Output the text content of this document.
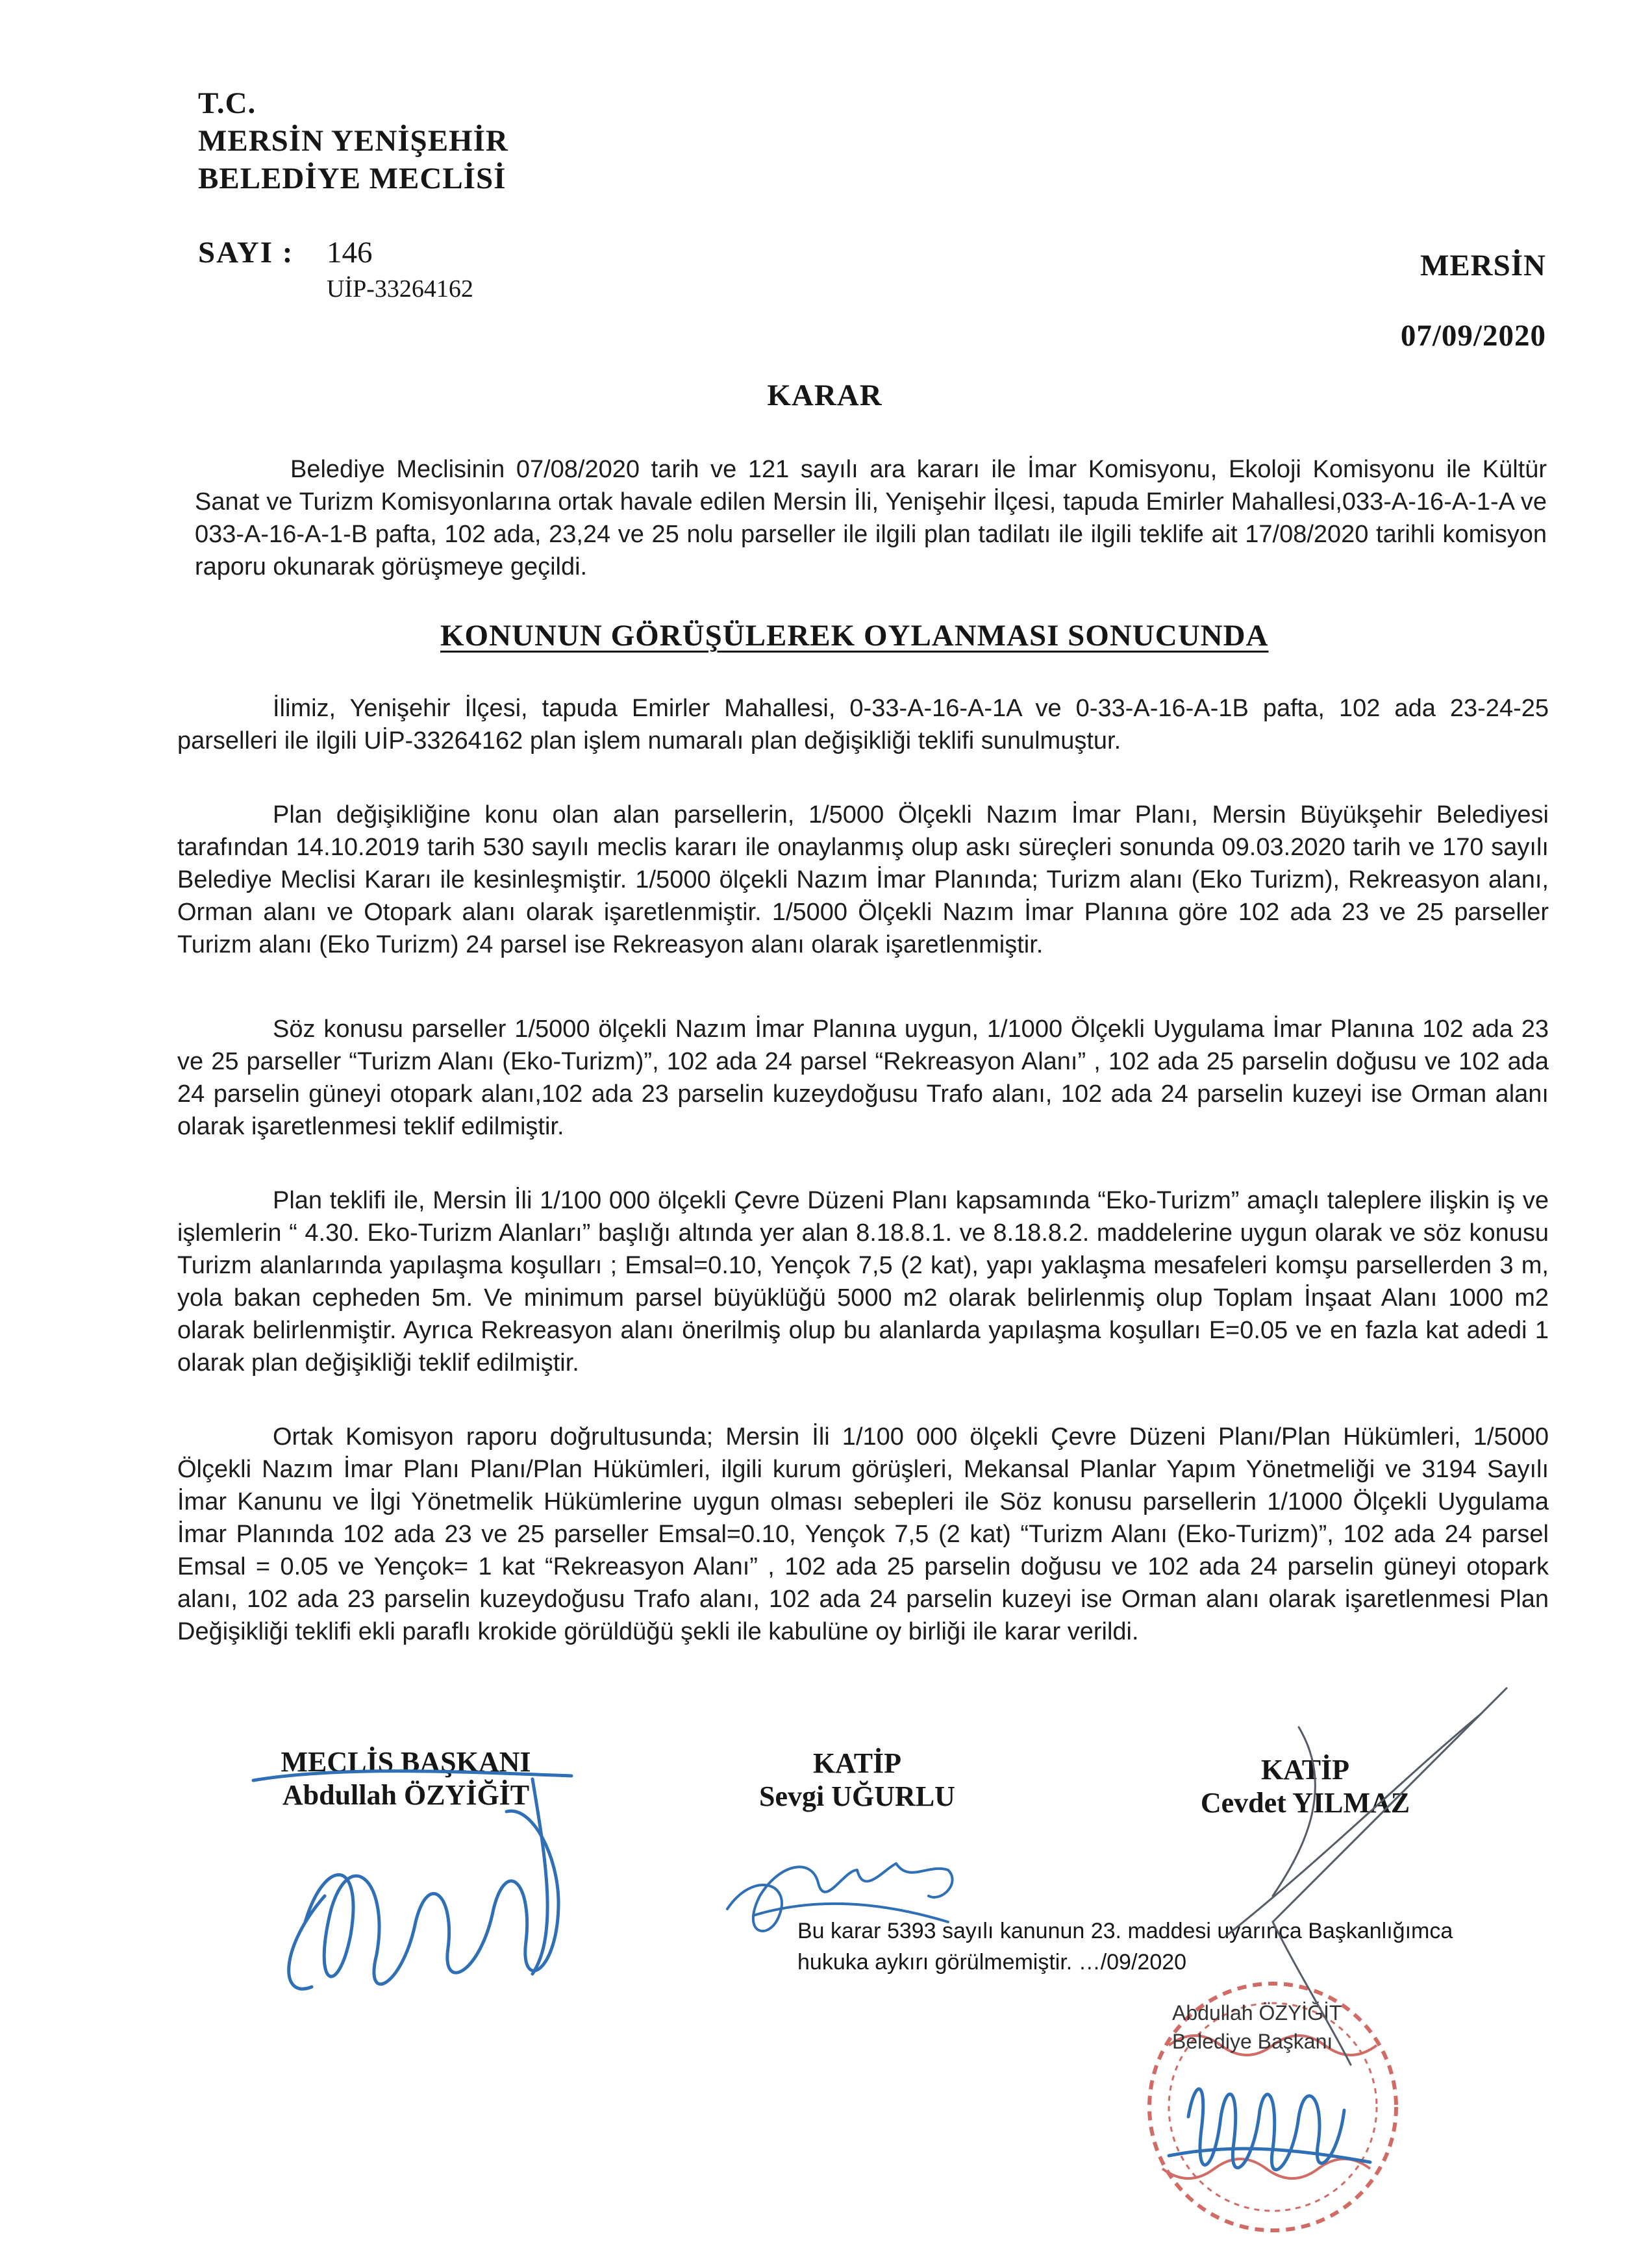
T.C.
MERSİN YENİŞEHİR
BELEDİYE MECLİSİ
SAYI : 146
UİP-33264162
MERSİN
07/09/2020
KARAR
Belediye Meclisinin 07/08/2020 tarih ve 121 sayılı ara kararı ile İmar Komisyonu, Ekoloji Komisyonu ile Kültür Sanat ve Turizm Komisyonlarına ortak havale edilen Mersin İli, Yenişehir İlçesi, tapuda Emirler Mahallesi,033-A-16-A-1-A ve 033-A-16-A-1-B pafta, 102 ada, 23,24 ve 25 nolu parseller ile ilgili plan tadilatı ile ilgili teklife ait 17/08/2020 tarihli komisyon raporu okunarak görüşmeye geçildi.
KONUNUN GÖRÜŞÜLEREK OYLANMASI SONUCUNDA
İlimiz, Yenişehir İlçesi, tapuda Emirler Mahallesi, 0-33-A-16-A-1A ve 0-33-A-16-A-1B pafta, 102 ada 23-24-25 parselleri ile ilgili UİP-33264162 plan işlem numaralı plan değişikliği teklifi sunulmuştur.
Plan değişikliğine konu olan alan parsellerin, 1/5000 Ölçekli Nazım İmar Planı, Mersin Büyükşehir Belediyesi tarafından 14.10.2019 tarih 530 sayılı meclis kararı ile onaylanmış olup askı süreçleri sonunda 09.03.2020 tarih ve 170 sayılı Belediye Meclisi Kararı ile kesinleşmiştir. 1/5000 ölçekli Nazım İmar Planında; Turizm alanı (Eko Turizm), Rekreasyon alanı, Orman alanı ve Otopark alanı olarak işaretlenmiştir. 1/5000 Ölçekli Nazım İmar Planına göre 102 ada 23 ve 25 parseller Turizm alanı (Eko Turizm) 24 parsel ise Rekreasyon alanı olarak işaretlenmiştir.
Söz konusu parseller 1/5000 ölçekli Nazım İmar Planına uygun, 1/1000 Ölçekli Uygulama İmar Planına 102 ada 23 ve 25 parseller “Turizm Alanı (Eko-Turizm)”, 102 ada 24 parsel “Rekreasyon Alanı” , 102 ada 25 parselin doğusu ve 102 ada 24 parselin güneyi otopark alanı,102 ada 23 parselin kuzeydoğusu Trafo alanı, 102 ada 24 parselin kuzeyi ise Orman alanı olarak işaretlenmesi teklif edilmiştir.
Plan teklifi ile, Mersin İli 1/100 000 ölçekli Çevre Düzeni Planı kapsamında “Eko-Turizm” amaçlı taleplere ilişkin iş ve işlemlerin “ 4.30. Eko-Turizm Alanları” başlığı altında yer alan 8.18.8.1. ve 8.18.8.2. maddelerine uygun olarak ve söz konusu Turizm alanlarında yapılaşma koşulları ; Emsal=0.10, Yençok 7,5 (2 kat), yapı yaklaşma mesafeleri komşu parsellerden 3 m, yola bakan cepheden 5m. Ve minimum parsel büyüklüğü 5000 m2 olarak belirlenmiş olup Toplam İnşaat Alanı 1000 m2 olarak belirlenmiştir. Ayrıca Rekreasyon alanı önerilmiş olup bu alanlarda yapılaşma koşulları E=0.05 ve en fazla kat adedi 1 olarak plan değişikliği teklif edilmiştir.
Ortak Komisyon raporu doğrultusunda; Mersin İli 1/100 000 ölçekli Çevre Düzeni Planı/Plan Hükümleri, 1/5000 Ölçekli Nazım İmar Planı Planı/Plan Hükümleri, ilgili kurum görüşleri, Mekansal Planlar Yapım Yönetmeliği ve 3194 Sayılı İmar Kanunu ve İlgi Yönetmelik Hükümlerine uygun olması sebepleri ile Söz konusu parsellerin 1/1000 Ölçekli Uygulama İmar Planında 102 ada 23 ve 25 parseller Emsal=0.10, Yençok 7,5 (2 kat) “Turizm Alanı (Eko-Turizm)”, 102 ada 24 parsel Emsal = 0.05 ve Yençok= 1 kat “Rekreasyon Alanı” , 102 ada 25 parselin doğusu ve 102 ada 24 parselin güneyi otopark alanı, 102 ada 23 parselin kuzeydoğusu Trafo alanı, 102 ada 24 parselin kuzeyi ise Orman alanı olarak işaretlenmesi Plan Değişikliği teklifi ekli paraflı krokide görüldüğü şekli ile kabulüne oy birliği ile karar verildi.
MECLİS BAŞKANI
Abdullah ÖZYİĞİT
KATİP
Sevgi UĞURLU
KATİP
Cevdet YILMAZ
Bu karar 5393 sayılı kanunun 23. maddesi uyarınca Başkanlığımca
hukuka aykırı görülmemiştir. …/09/2020
Abdullah ÖZYİĞİT
Belediye Başkanı
